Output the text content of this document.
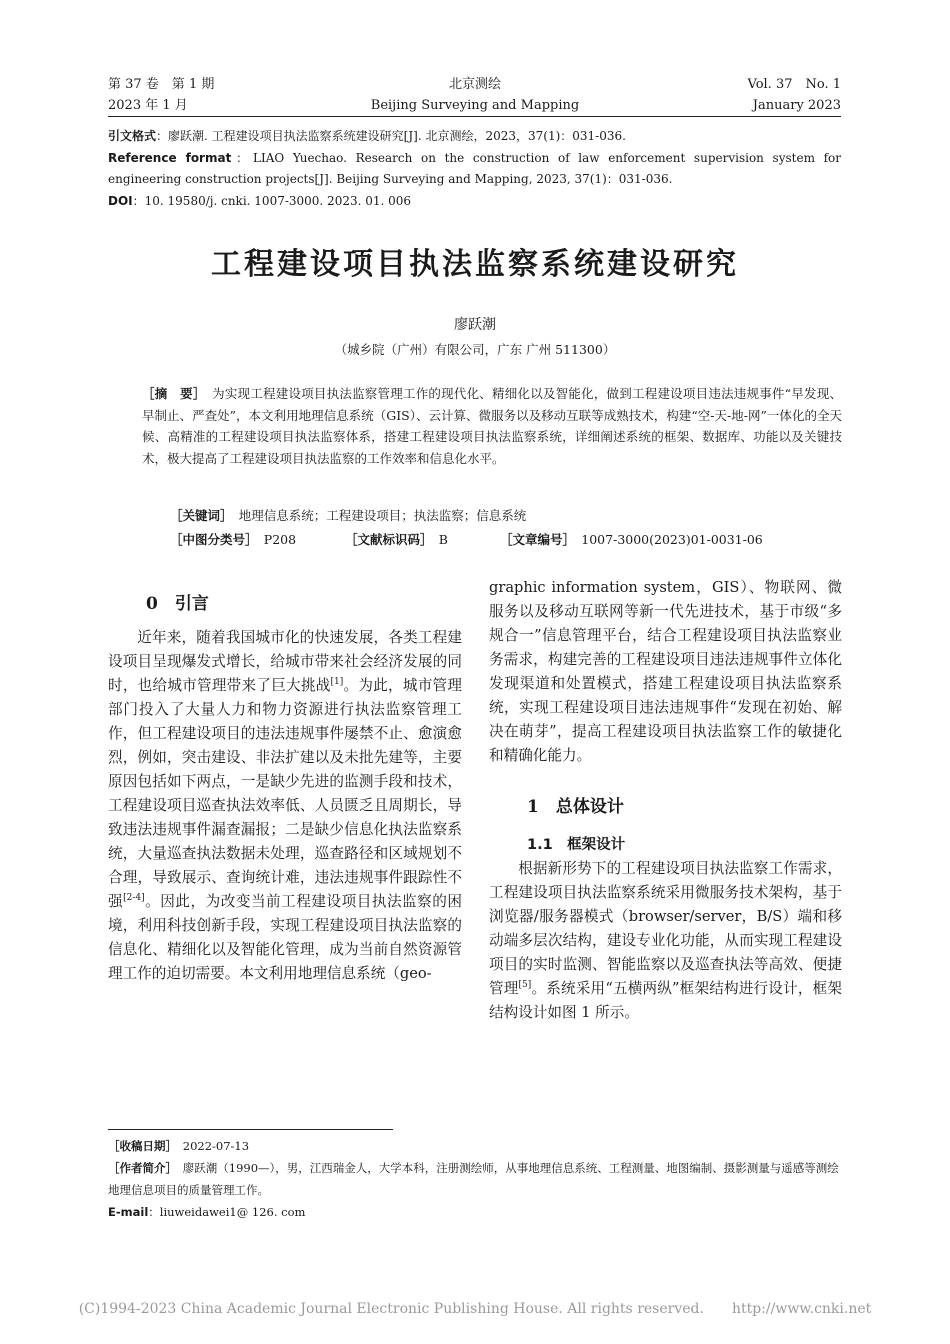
第 37 卷　第 1 期	北京测绘	Vol. 37　No. 1
2023 年 1 月	Beijing Surveying and Mapping	January 2023

引文格式：廖跃潮. 工程建设项目执法监察系统建设研究[J]. 北京测绘，2023，37(1)：031-036.

Reference format：LIAO Yuechao. Research on the construction of law enforcement supervision system for engineering construction projects[J]. Beijing Surveying and Mapping, 2023, 37(1)：031-036.

DOI：10. 19580/j. cnki. 1007-3000. 2023. 01. 006

工程建设项目执法监察系统建设研究
廖跃潮
（城乡院（广州）有限公司，广东 广州 511300）

［摘　要］　 为实现工程建设项目执法监察管理工作的现代化、精细化以及智能化，做到工程建设项目违法违规事件“早发现、早制止、严查处”，本文利用地理信息系统（GIS）、云计算、微服务以及移动互联等成熟技术，构建“空-天-地-网”一体化的全天候、高精准的工程建设项目执法监察体系，搭建工程建设项目执法监察系统，详细阐述系统的框架、数据库、功能以及关键技术，极大提高了工程建设项目执法监察的工作效率和信息化水平。

［关键词］　 地理信息系统；工程建设项目；执法监察；信息系统
［中图分类号］　 P208	［文献标识码］　 B	［文章编号］　 1007-3000(2023)01-0031-06
0　引言

近年来，随着我国城市化的快速发展，各类工程建设项目呈现爆发式增长，给城市带来社会经济发展的同时，也给城市管理带来了巨大挑战[1]。为此，城市管理部门投入了大量人力和物力资源进行执法监察管理工作，但工程建设项目的违法违规事件屡禁不止、愈演愈烈，例如，突击建设、非法扩建以及未批先建等，主要原因包括如下两点，一是缺少先进的监测手段和技术，工程建设项目巡查执法效率低、人员匮乏且周期长，导致违法违规事件漏查漏报；二是缺少信息化执法监察系统，大量巡查执法数据未处理，巡查路径和区域规划不合理，导致展示、查询统计难，违法违规事件跟踪性不强[2-4]。因此，为改变当前工程建设项目执法监察的困境，利用科技创新手段，实现工程建设项目执法监察的信息化、精细化以及智能化管理，成为当前自然资源管理工作的迫切需要。本文利用地理信息系统（geo-

graphic information system，GIS）、物联网、微服务以及移动互联网等新一代先进技术，基于市级“多规合一”信息管理平台，结合工程建设项目执法监察业务需求，构建完善的工程建设项目违法违规事件立体化发现渠道和处置模式，搭建工程建设项目执法监察系统，实现工程建设项目违法违规事件“发现在初始、解决在萌芽”，提高工程建设项目执法监察工作的敏捷化和精确化能力。

1　总体设计
1.1　框架设计

根据新形势下的工程建设项目执法监察工作需求，工程建设项目执法监察系统采用微服务技术架构，基于浏览器/服务器模式（browser/server，B/S）端和移动端多层次结构，建设专业化功能，从而实现工程建设项目的实时监测、智能监察以及巡查执法等高效、便捷管理[5]。系统采用“五横两纵”框架结构进行设计，框架结构设计如图 1 所示。

［收稿日期］　 2022-07-13

［作者简介］　 廖跃潮（1990—），男，江西瑞金人，大学本科，注册测绘师，从事地理信息系统、工程测量、地图编制、摄影测量与遥感等测绘地理信息项目的质量管理工作。

E-mail：liuweidawei1@ 126. com

(C)1994-2023 China Academic Journal Electronic Publishing House. All rights reserved.　　 http://www.cnki.net
